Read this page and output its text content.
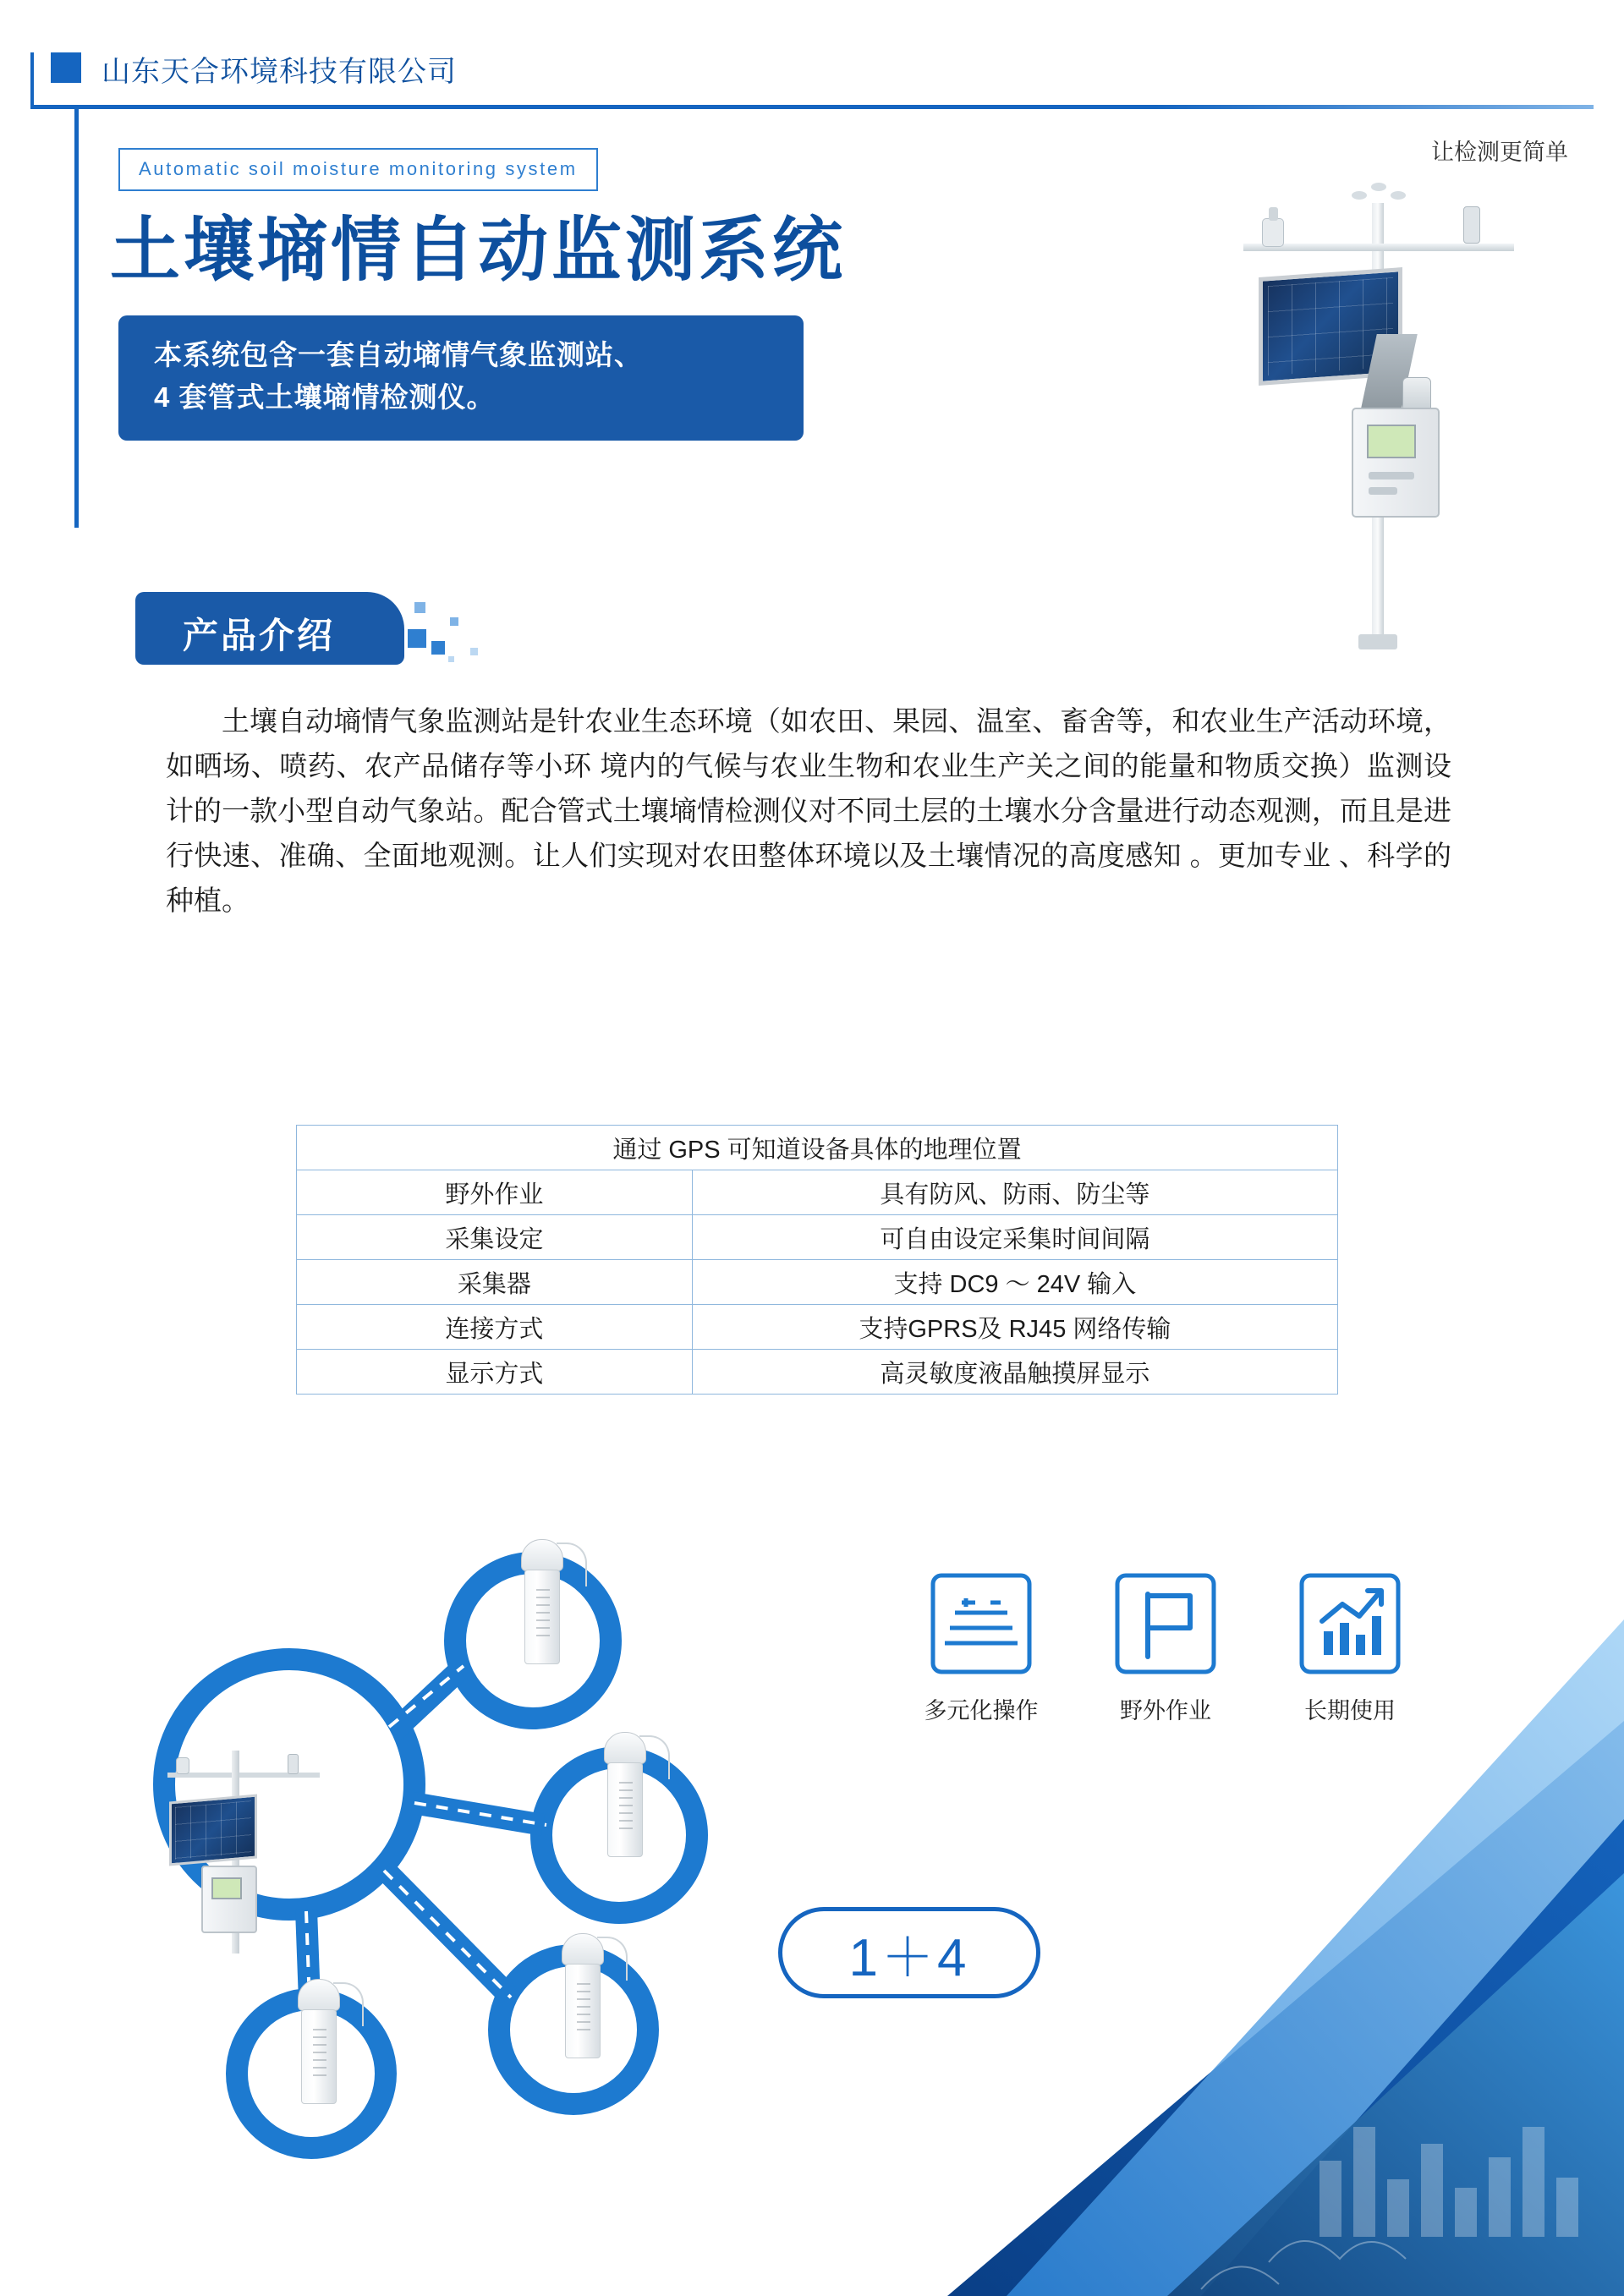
山东天合环境科技有限公司
让检测更简单
Automatic soil moisture monitoring system
土壤墒情自动监测系统
本系统包含一套自动墒情气象监测站、
4 套管式土壤墒情检测仪。
产品介绍
土壤自动墒情气象监测站是针农业生态环境（如农田、果园、温室、畜舍等，和农业生产活动环境，如晒场、喷药、农产品储存等小环 境内的气候与农业生物和农业生产关之间的能量和物质交换）监测设计的一款小型自动气象站。配合管式土壤墒情检测仪对不同土层的土壤水分含量进行动态观测，而且是进行快速、准确、全面地观测。让人们实现对农田整体环境以及土壤情况的高度感知 。更加专业 、科学的种植。
通过 GPS 可知道设备具体的地理位置	
野外作业	具有防风、防雨、防尘等
采集设定	可自由设定采集时间间隔
采集器	支持 DC9 ～ 24V 输入
连接方式	支持GPRS及 RJ45 网络传输
显示方式	高灵敏度液晶触摸屏显示
多元化操作	野外作业	长期使用
1＋4
